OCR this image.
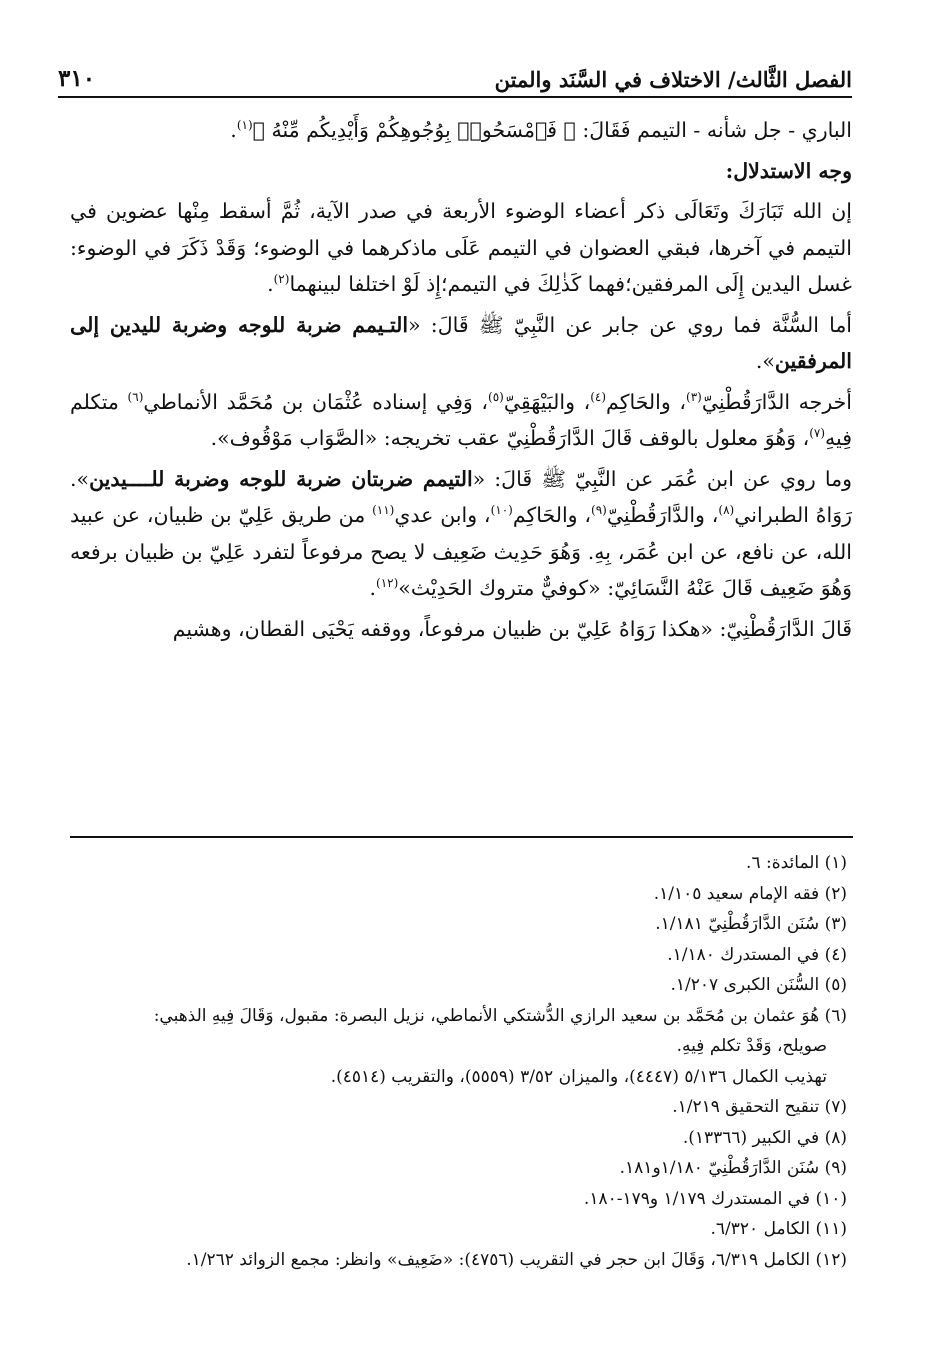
الفصل الثَّالث/ الاختلاف في السَّنَد والمتن
٣١٠

الباري - جل شأنه - التيمم فَقَالَ: ﴿ فَٱمْسَحُوا۟ بِوُجُوهِكُمْ وَأَيْدِيكُم مِّنْهُ ﴾$^{(١)}$.

وجه الاستدلال:

إن الله تَبَارَكَ وتَعَالَى ذكر أعضاء الوضوء الأربعة في صدر الآية، ثُمَّ أسقط مِنْها عضوين في التيمم في آخرها، فبقي العضوان في التيمم عَلَى ماذكرهما في الوضوء؛ وَقَدْ ذَكَرَ في الوضوء: غسل اليدين إِلَى المرفقين؛فهما كَذٰلِكَ في التيمم؛إِذ لَوْ اختلفا لبينهما$^{(٢)}$.

أما السُّنَّة فما روي عن جابر عن النَّبِيّ ﷺ قَالَ: «التـيمم ضربة للوجه وضربة لليدين إلى المرفقين».

أخرجه الدَّارَقُطْنِيّ$^{(٣)}$، والحَاكِم$^{(٤)}$، والبَيْهَقِيّ$^{(٥)}$، وَفِي إسناده عُثْمَان بن مُحَمَّد الأنماطي$^{(٦)}$ متكلم فِيهِ$^{(٧)}$، وَهُوَ معلول بالوقف قَالَ الدَّارَقُطْنِيّ عقب تخريجه: «الصَّوَاب مَوْقُوف».

وما روي عن ابن عُمَر عن النَّبِيّ ﷺ قَالَ: «التيمم ضربتان ضربة للوجه وضربة للــــيدين». رَوَاهُ الطبراني$^{(٨)}$، والدَّارَقُطْنِيّ$^{(٩)}$، والحَاكِم$^{(١٠)}$، وابن عدي$^{(١١)}$ من طريق عَلِيّ بن ظبيان، عن عبيد الله، عن نافع، عن ابن عُمَر، بِهِ. وَهُوَ حَدِيث ضَعِيف لا يصح مرفوعاً لتفرد عَلِيّ بن ظبيان برفعه وَهُوَ ضَعِيف قَالَ عَنْهُ النَّسَائِيّ: «كوفيٌّ متروك الحَدِيْث»$^{(١٢)}$.

قَالَ الدَّارَقُطْنِيّ: «هكذا رَوَاهُ عَلِيّ بن ظبيان مرفوعاً، ووقفه يَحْيَى القطان، وهشيم

(١) المائدة: ٦.

(٢) فقه الإمام سعيد ١/١٠٥.

(٣) سُنَن الدَّارَقُطْنِيّ ١/١٨١.

(٤) في المستدرك ١/١٨٠.

(٥) السُّنَن الكبرى ١/٢٠٧.

(٦) هُوَ عثمان بن مُحَمَّد بن سعيد الرازي الدُّشتكي الأنماطي، نزيل البصرة: مقبول، وَقَالَ فِيهِ الذهبي:

صويلح، وَقَدْ تكلم فِيهِ.

تهذيب الكمال ٥/١٣٦ (٤٤٤٧)، والميزان ٣/٥٢ (٥٥٥٩)، والتقريب (٤٥١٤).

(٧) تنقيح التحقيق ١/٢١٩.

(٨) في الكبير (١٣٣٦٦).

(٩) سُنَن الدَّارَقُطْنِيّ ١/١٨٠و١٨١.

(١٠) في المستدرك ١/١٧٩ و١٧٩-١٨٠.

(١١) الكامل ٦/٣٢٠.

(١٢) الكامل ٦/٣١٩، وَقَالَ ابن حجر في التقريب (٤٧٥٦): «ضَعِيف» وانظر: مجمع الزوائد ١/٢٦٢.
